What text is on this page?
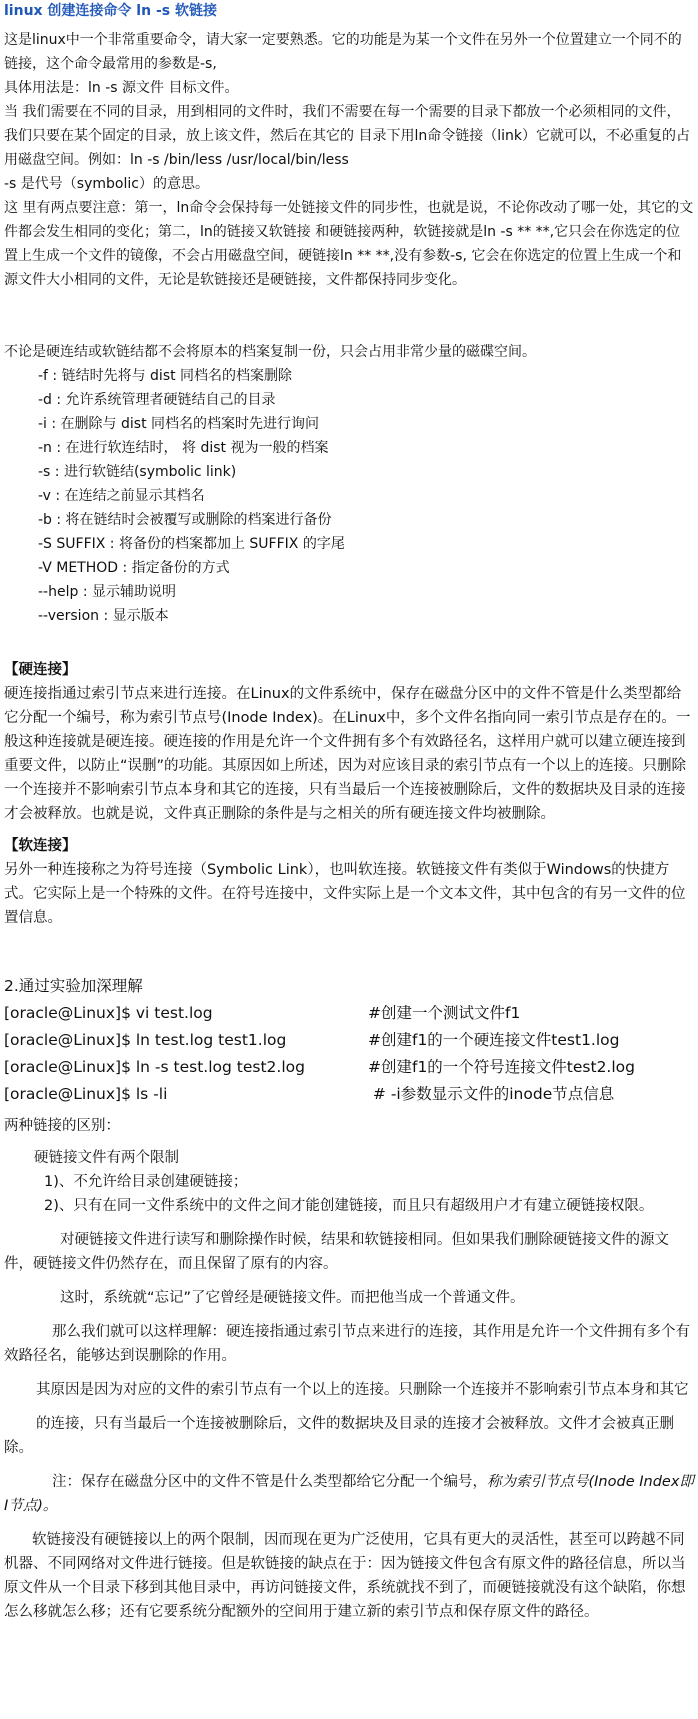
linux 创建连接命令 ln -s 软链接

这是linux中一个非常重要命令，请大家一定要熟悉。它的功能是为某一个文件在另外一个位置建立一个同不的链接，这个命令最常用的参数是-s,

具体用法是：ln -s 源文件 目标文件。

当 我们需要在不同的目录，用到相同的文件时，我们不需要在每一个需要的目录下都放一个必须相同的文件，我们只要在某个固定的目录，放上该文件，然后在其它的 目录下用ln命令链接（link）它就可以，不必重复的占用磁盘空间。例如：ln -s /bin/less /usr/local/bin/less

-s 是代号（symbolic）的意思。

这 里有两点要注意：第一，ln命令会保持每一处链接文件的同步性，也就是说，不论你改动了哪一处，其它的文件都会发生相同的变化；第二，ln的链接又软链接 和硬链接两种，软链接就是ln -s ** **,它只会在你选定的位置上生成一个文件的镜像，不会占用磁盘空间，硬链接ln ** **,没有参数-s, 它会在你选定的位置上生成一个和源文件大小相同的文件，无论是软链接还是硬链接，文件都保持同步变化。

不论是硬连结或软链结都不会将原本的档案复制一份，只会占用非常少量的磁碟空间。

-f : 链结时先将与 dist 同档名的档案删除
-d : 允许系统管理者硬链结自己的目录
-i : 在删除与 dist 同档名的档案时先进行询问
-n : 在进行软连结时， 将 dist 视为一般的档案
-s : 进行软链结(symbolic link)
-v : 在连结之前显示其档名
-b : 将在链结时会被覆写或删除的档案进行备份
-S SUFFIX : 将备份的档案都加上 SUFFIX 的字尾
-V METHOD : 指定备份的方式
--help : 显示辅助说明
--version : 显示版本

【硬连接】

硬连接指通过索引节点来进行连接。在Linux的文件系统中，保存在磁盘分区中的文件不管是什么类型都给它分配一个编号，称为索引节点号(Inode Index)。在Linux中，多个文件名指向同一索引节点是存在的。一般这种连接就是硬连接。硬连接的作用是允许一个文件拥有多个有效路径名，这样用户就可以建立硬连接到重要文件，以防止“误删”的功能。其原因如上所述，因为对应该目录的索引节点有一个以上的连接。只删除一个连接并不影响索引节点本身和其它的连接，只有当最后一个连接被删除后，文件的数据块及目录的连接才会被释放。也就是说，文件真正删除的条件是与之相关的所有硬连接文件均被删除。

【软连接】

另外一种连接称之为符号连接（Symbolic Link），也叫软连接。软链接文件有类似于Windows的快捷方式。它实际上是一个特殊的文件。在符号连接中，文件实际上是一个文本文件，其中包含的有另一文件的位置信息。

2.通过实验加深理解
[oracle@Linux]$ vi test.log	#创建一个测试文件f1
[oracle@Linux]$ ln test.log test1.log	#创建f1的一个硬连接文件test1.log
[oracle@Linux]$ ln -s test.log test2.log	#创建f1的一个符号连接文件test2.log
[oracle@Linux]$ ls -li	# -i参数显示文件的inode节点信息

两种链接的区别：

硬链接文件有两个限制

1)、不允许给目录创建硬链接；

2)、只有在同一文件系统中的文件之间才能创建链接，而且只有超级用户才有建立硬链接权限。

对硬链接文件进行读写和删除操作时候，结果和软链接相同。但如果我们删除硬链接文件的源文件，硬链接文件仍然存在，而且保留了原有的内容。

这时，系统就“忘记”了它曾经是硬链接文件。而把他当成一个普通文件。

那么我们就可以这样理解：硬连接指通过索引节点来进行的连接，其作用是允许一个文件拥有多个有效路径名，能够达到误删除的作用。

其原因是因为对应的文件的索引节点有一个以上的连接。只删除一个连接并不影响索引节点本身和其它

的连接，只有当最后一个连接被删除后，文件的数据块及目录的连接才会被释放。文件才会被真正删除。

注：保存在磁盘分区中的文件不管是什么类型都给它分配一个编号，称为索引节点号(Inode Index即I节点)。

软链接没有硬链接以上的两个限制，因而现在更为广泛使用，它具有更大的灵活性，甚至可以跨越不同机器、不同网络对文件进行链接。但是软链接的缺点在于：因为链接文件包含有原文件的路径信息，所以当原文件从一个目录下移到其他目录中，再访问链接文件，系统就找不到了，而硬链接就没有这个缺陷，你想怎么移就怎么移；还有它要系统分配额外的空间用于建立新的索引节点和保存原文件的路径。
